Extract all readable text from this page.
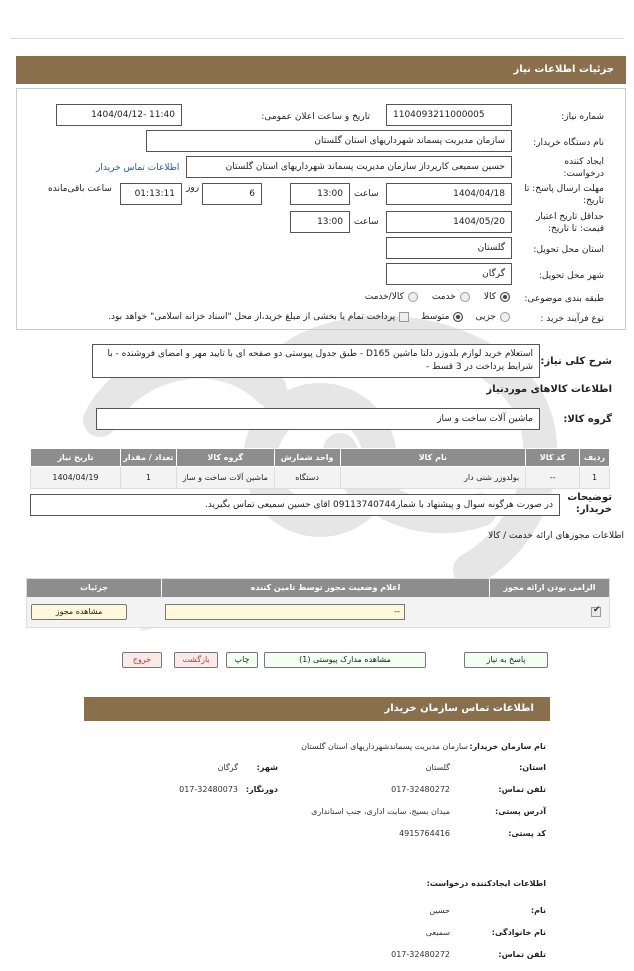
جزئیات اطلاعات نیاز
شماره نیاز:
1104093211000005
تاریخ و ساعت اعلان عمومی:
1404/04/12- 11:40
نام دستگاه خریدار:
سازمان مدیریت پسماند شهرداریهای استان گلستان
ایجاد کننده درخواست:
حسین سمیعی کارپرداز سازمان مدیریت پسماند شهرداریهای استان گلستان
اطلاعات تماس خریدار
مهلت ارسال پاسخ: تا تاریخ:
1404/04/18
ساعت
13:00
6
روز
01:13:11
ساعت باقی‌مانده
حداقل تاریخ اعتبار قیمت: تا تاریخ:
1404/05/20
ساعت
13:00
استان محل تحویل:
گلستان
شهر محل تحویل:
گرگان
طبقه بندی موضوعی:
کالا
خدمت
کالا/خدمت
نوع فرآیند خرید :
جزیی
متوسط
پرداخت تمام یا بخشی از مبلغ خرید،از محل "اسناد خزانه اسلامی" خواهد بود.
شرح کلی نیاز:
استعلام خرید لوازم بلدوزر دلتا ماشین D165 - طبق جدول پیوستی دو صفحه ای با تایید مهر و امضای فروشنده - با شرایط پرداخت در 3 قسط -
اطلاعات کالاهای موردنیاز
گروه کالا:
ماشین آلات ساخت و ساز
ردیف	کد کالا	نام کالا	واحد شمارش	گروه کالا	تعداد / مقدار	تاریخ نیاز
1	--	بولدوزر شنی دار	دستگاه	ماشین آلات ساخت و ساز	1	1404/04/19
توضیحات خریدار:
در صورت هرگونه سوال و پیشنهاد با شمار09113740744 اقای حسین سمیعی تماس بگیرید.
اطلاعات مجوزهای ارائه خدمت / کالا
الزامی بودن ارائه مجوز
اعلام وضعیت مجوز توسط تامین کننده
جزئیات
✔
--
مشاهده مجوز
پاسخ به نیاز
مشاهده مدارک پیوستی (1)
چاپ
بازگشت
خروج
اطلاعات تماس سازمان خریدار
نام سازمان خریدار:
سازمان مدیریت پسماندشهرداریهای استان گلستان
استان:
گلستان
شهر:
گرگان
تلفن تماس:
017-32480272
دورنگار:
017-32480073
آدرس پستی:
میدان بسیج، سایت اداری، جنب استانداری
کد پستی:
4915764416
اطلاعات ایجادکننده درخواست:
نام:
حسین
نام خانوادگی:
سمیعی
تلفن تماس:
017-32480272
